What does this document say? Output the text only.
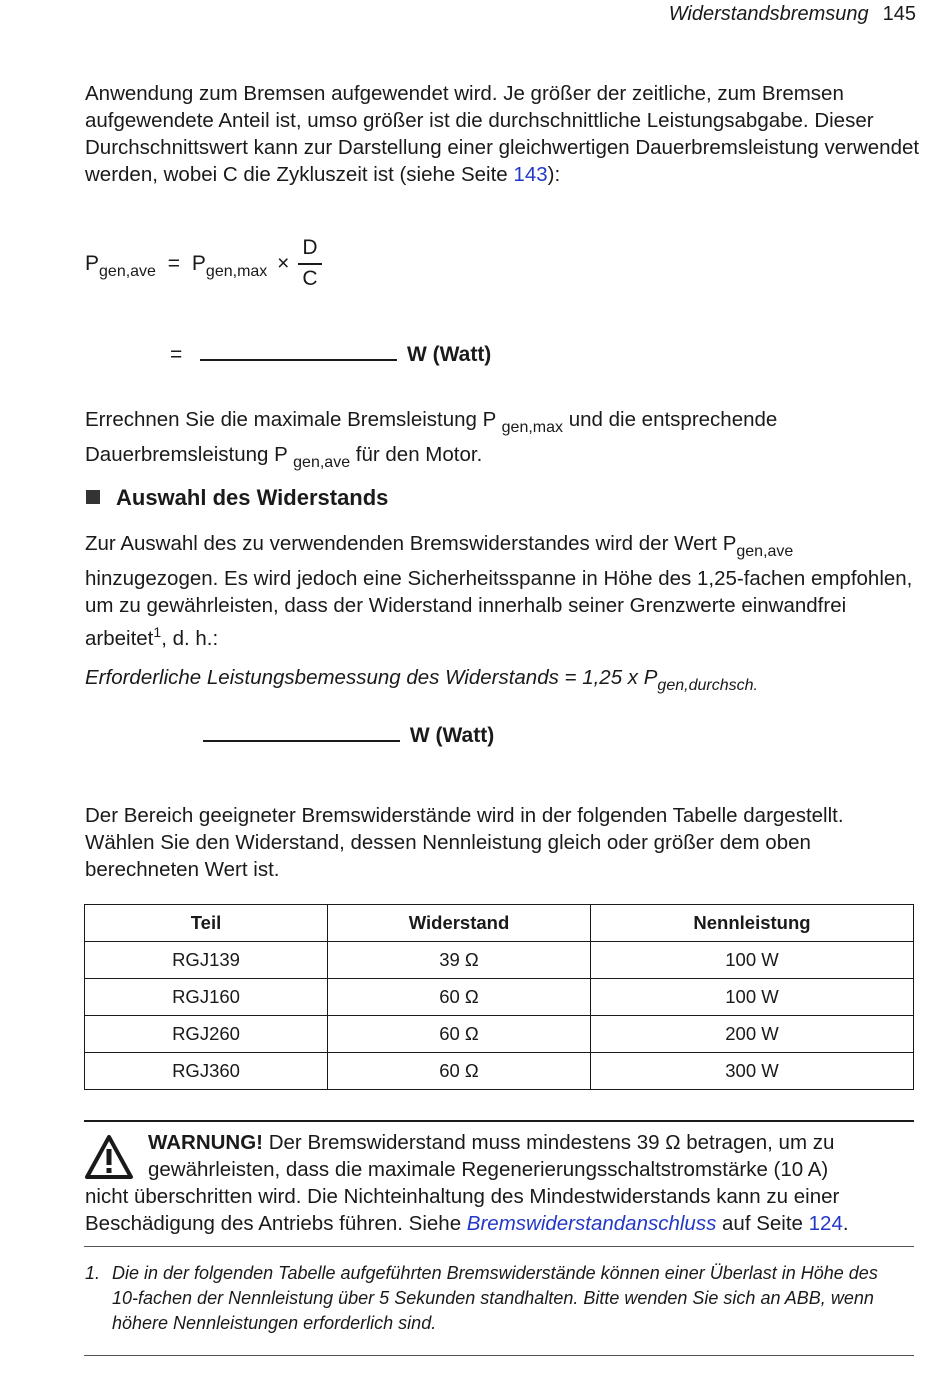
Widerstandsbremsung 145
Anwendung zum Bremsen aufgewendet wird. Je größer der zeitliche, zum Bremsen aufgewendete Anteil ist, umso größer ist die durchschnittliche Leistungsabgabe. Dieser Durchschnittswert kann zur Darstellung einer gleichwertigen Dauerbremsleistung verwendet werden, wobei C die Zykluszeit ist (siehe Seite 143):
$P_{gen,ave} = P_{gen,max}$ ×
D
C
=	W (Watt)
Errechnen Sie die maximale Bremsleistung P $_{gen,max}$ und die entsprechende Dauerbremsleistung P $_{gen,ave}$ für den Motor.
Auswahl des Widerstands
Zur Auswahl des zu verwendenden Bremswiderstandes wird der Wert $P_{gen,ave}$ hinzugezogen. Es wird jedoch eine Sicherheitsspanne in Höhe des 1,25-fachen empfohlen, um zu gewährleisten, dass der Widerstand innerhalb seiner Grenzwerte einwandfrei arbeitet$^1$, d. h.:
Erforderliche Leistungsbemessung des Widerstands = 1,25 x $P_{gen,durchsch.}$
W (Watt)
Der Bereich geeigneter Bremswiderstände wird in der folgenden Tabelle dargestellt. Wählen Sie den Widerstand, dessen Nennleistung gleich oder größer dem oben berechneten Wert ist.
Teil	Widerstand	Nennleistung
RGJ139	39 Ω	100 W
RGJ160	60 Ω	100 W
RGJ260	60 Ω	200 W
RGJ360	60 Ω	300 W
WARNUNG! Der Bremswiderstand muss mindestens 39 Ω betragen, um zu
gewährleisten, dass die maximale Regenerierungsschaltstromstärke (10 A)
nicht überschritten wird. Die Nichteinhaltung des Mindestwiderstands kann zu einer
Beschädigung des Antriebs führen. Siehe Bremswiderstandanschluss auf Seite 124.
1. Die in der folgenden Tabelle aufgeführten Bremswiderstände können einer Überlast in Höhe des 10-fachen der Nennleistung über 5 Sekunden standhalten. Bitte wenden Sie sich an ABB, wenn höhere Nennleistungen erforderlich sind.
